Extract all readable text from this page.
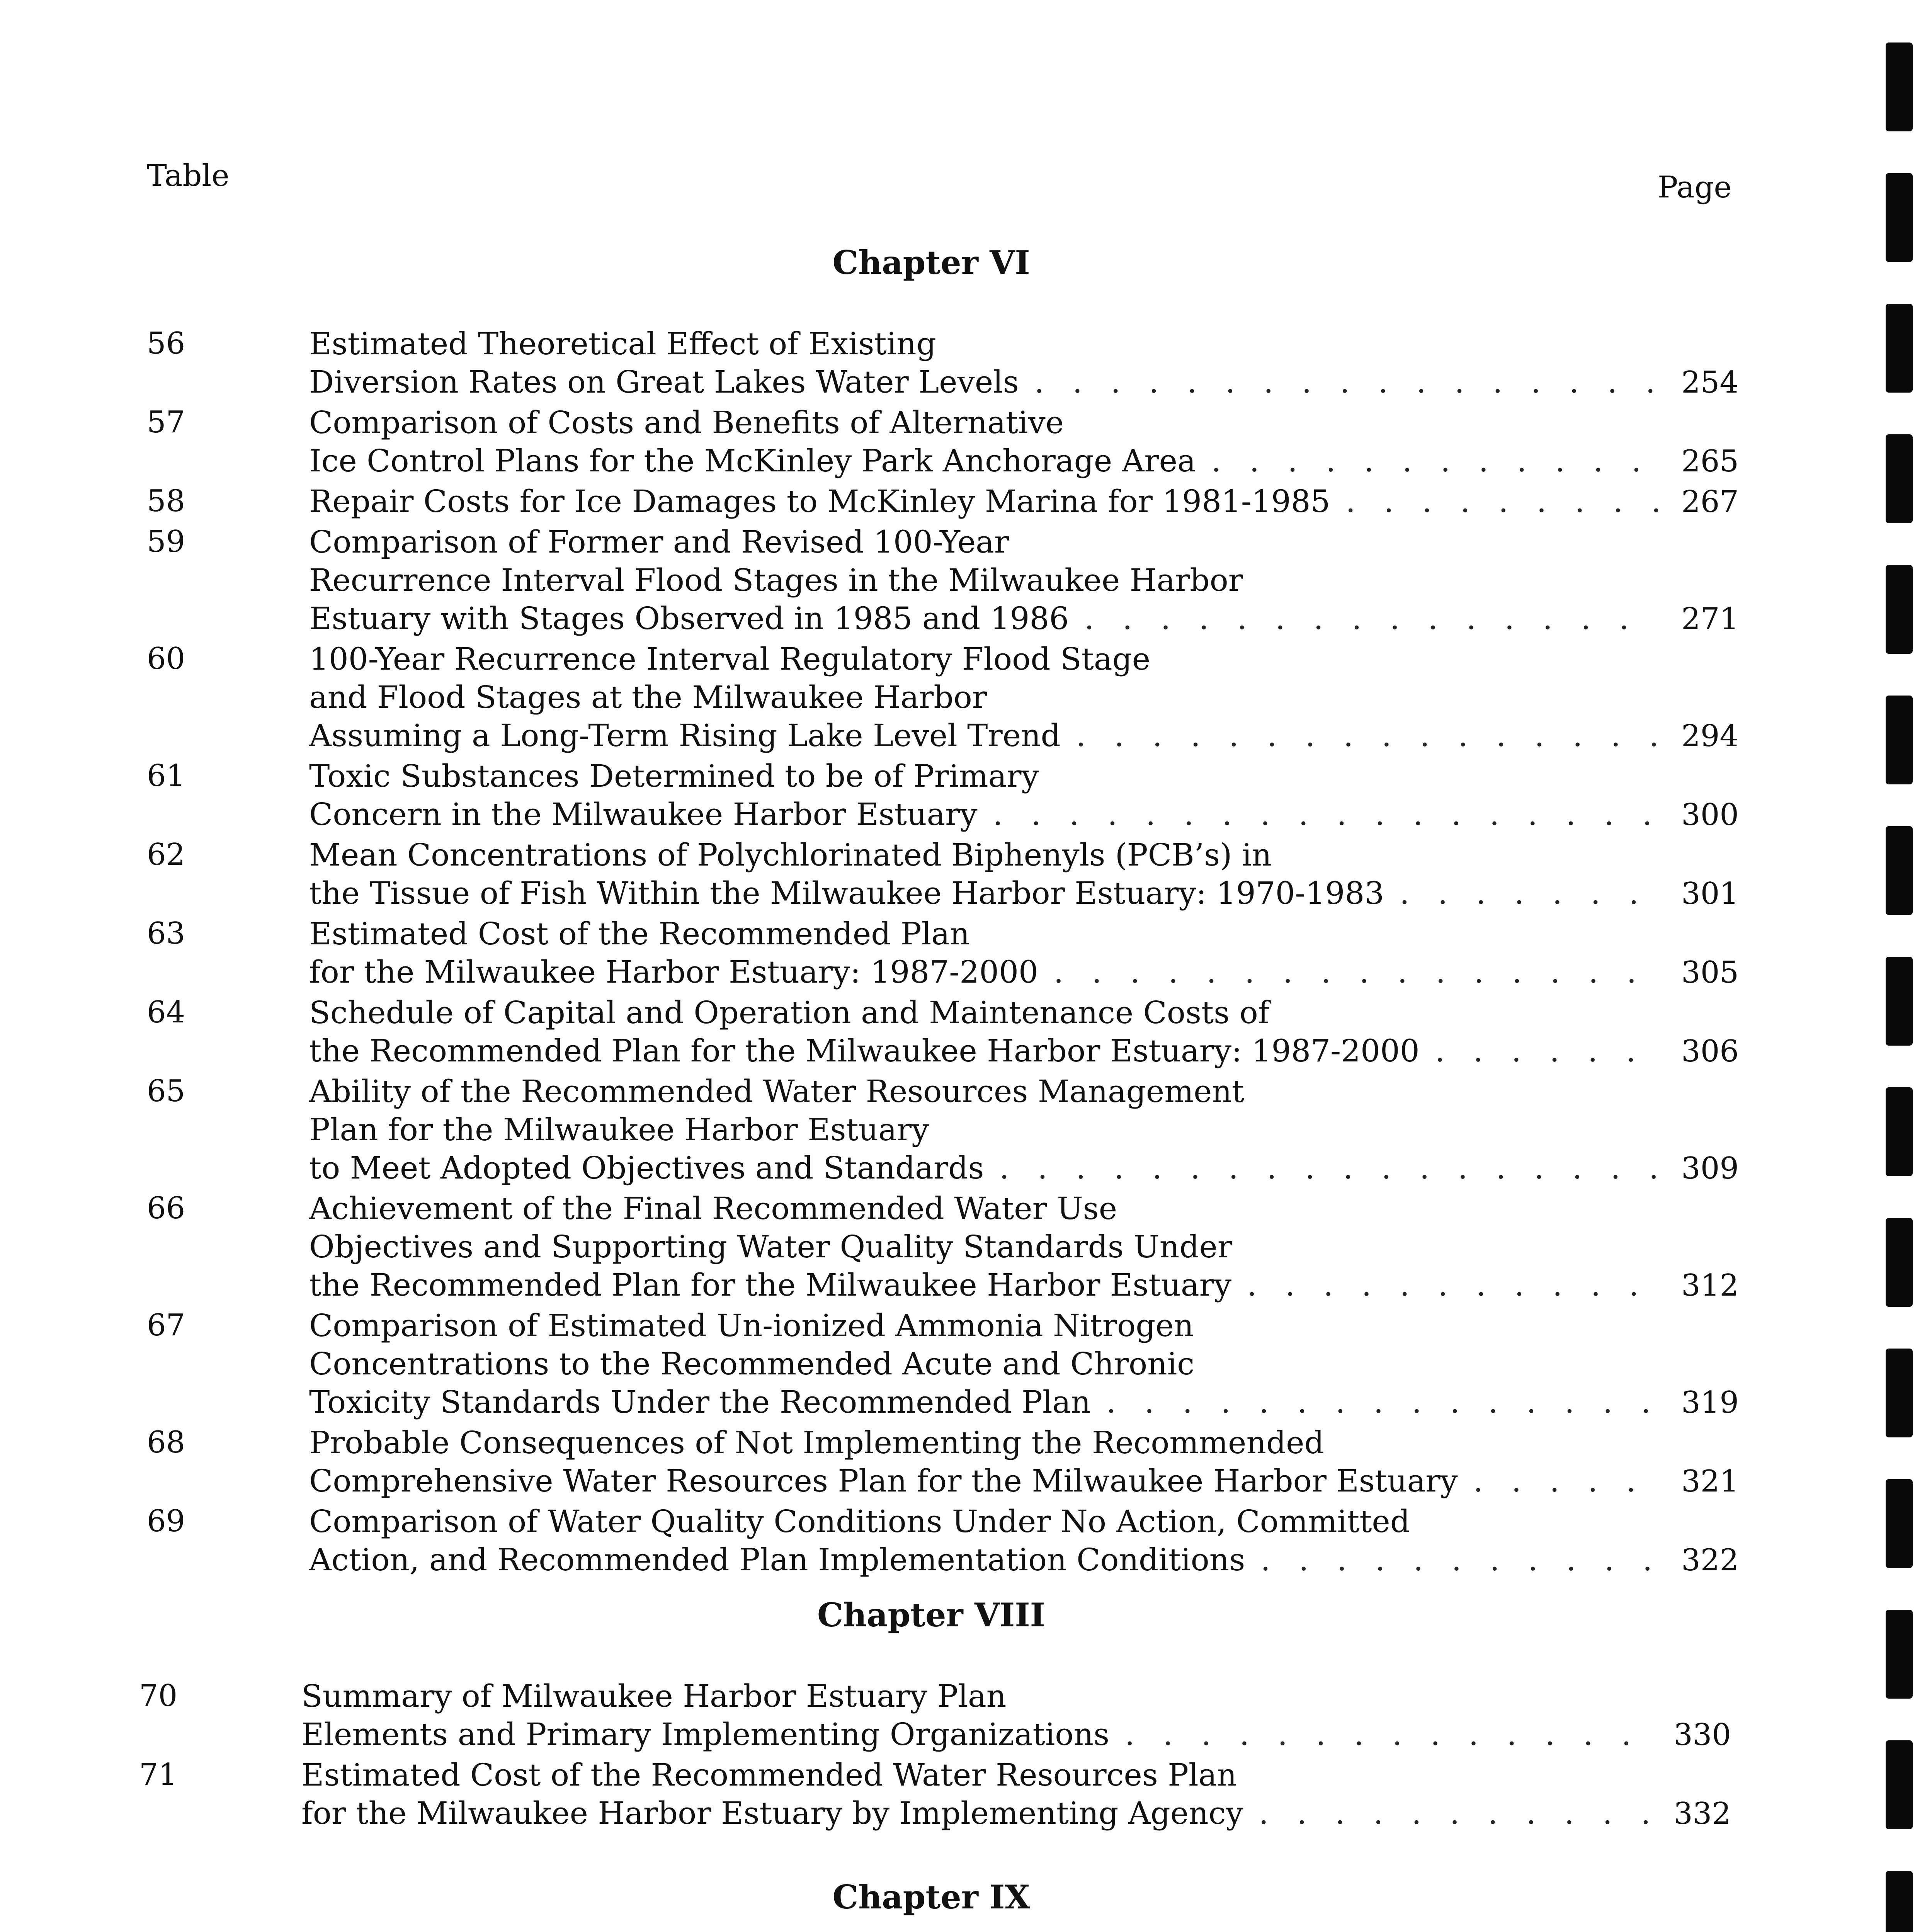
Table	Page
Chapter VI
56	Estimated Theoretical Effect of Existing
Diversion Rates on Great Lakes Water Levels . . .	254
57	Comparison of Costs and Benefits of Alternative
Ice Control Plans for the McKinley Park Anchorage Area . . .	265
58	Repair Costs for Ice Damages to McKinley Marina for 1981-1985 . . .	267
59	Comparison of Former and Revised 100-Year
Recurrence Interval Flood Stages in the Milwaukee Harbor
Estuary with Stages Observed in 1985 and 1986 . . .	271
60	100-Year Recurrence Interval Regulatory Flood Stage
and Flood Stages at the Milwaukee Harbor
Assuming a Long-Term Rising Lake Level Trend . . .	294
61	Toxic Substances Determined to be of Primary
Concern in the Milwaukee Harbor Estuary . . .	300
62	Mean Concentrations of Polychlorinated Biphenyls (PCB’s) in
the Tissue of Fish Within the Milwaukee Harbor Estuary: 1970-1983 . . .	301
63	Estimated Cost of the Recommended Plan
for the Milwaukee Harbor Estuary: 1987-2000 . . .	305
64	Schedule of Capital and Operation and Maintenance Costs of
the Recommended Plan for the Milwaukee Harbor Estuary: 1987-2000 . . .	306
65	Ability of the Recommended Water Resources Management
Plan for the Milwaukee Harbor Estuary
to Meet Adopted Objectives and Standards . . .	309
66	Achievement of the Final Recommended Water Use
Objectives and Supporting Water Quality Standards Under
the Recommended Plan for the Milwaukee Harbor Estuary . . .	312
67	Comparison of Estimated Un-ionized Ammonia Nitrogen
Concentrations to the Recommended Acute and Chronic
Toxicity Standards Under the Recommended Plan . . .	319
68	Probable Consequences of Not Implementing the Recommended
Comprehensive Water Resources Plan for the Milwaukee Harbor Estuary . . .	321
69	Comparison of Water Quality Conditions Under No Action, Committed
Action, and Recommended Plan Implementation Conditions . . .	322
Chapter VIII
70	Summary of Milwaukee Harbor Estuary Plan
Elements and Primary Implementing Organizations . . .	330
71	Estimated Cost of the Recommended Water Resources Plan
for the Milwaukee Harbor Estuary by Implementing Agency . . .	332
Chapter IX
